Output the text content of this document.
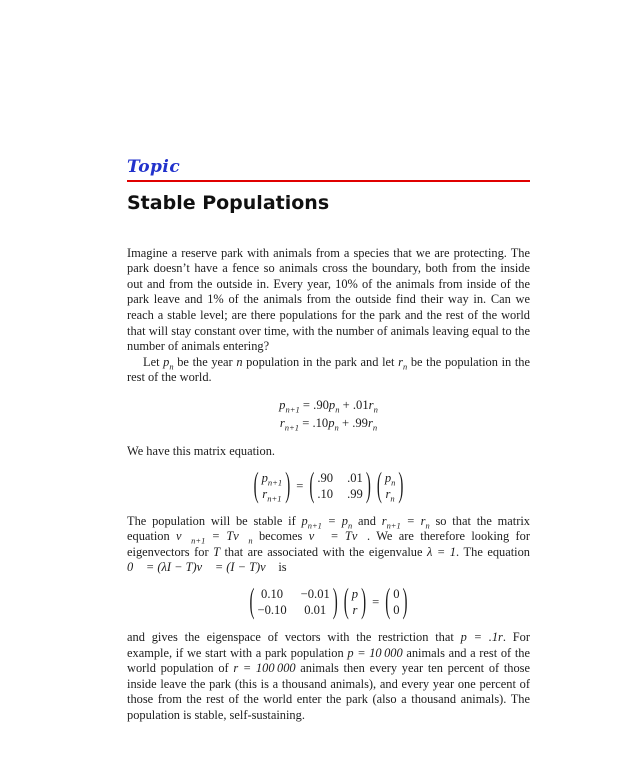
Topic
Stable Populations

Imagine a reserve park with animals from a species that we are protecting. The park doesn’t have a fence so animals cross the boundary, both from the inside out and from the outside in. Every year, 10% of the animals from inside of the park leave and 1% of the animals from the outside find their way in. Can we reach a stable level; are there populations for the park and the rest of the world that will stay constant over time, with the number of animals leaving equal to the number of animals entering?

Let $p_n$ be the year n population in the park and let $r_n$ be the population in the rest of the world.

$p_{n+1} = .90p_n + .01r_n$
$r_{n+1} = .10p_n + .99r_n$

We have this matrix equation.

( $p_{n+1}$
$r_{n+1}$ ) = ( .90 .01
.10 .99 ) ( $p_n$
$r_n$ )

The population will be stable if $p_{n+1} = p_n$ and $r_{n+1} = r_n$ so that the matrix equation $v⃗_{n+1}$ = $Tv⃗_n$ becomes v⃗ = Tv⃗. We are therefore looking for eigenvectors for T that are associated with the eigenvalue λ = 1. The equation 0⃗ = (λI − T)v⃗ = (I − T)v⃗ is

( 0.10 −0.01
−0.10 0.01 ) ( p
r ) = ( 0
0 )

and gives the eigenspace of vectors with the restriction that p = .1r. For example, if we start with a park population p = 10 000 animals and a rest of the world population of r = 100 000 animals then every year ten percent of those inside leave the park (this is a thousand animals), and every year one percent of those from the rest of the world enter the park (also a thousand animals). The population is stable, self-sustaining.
